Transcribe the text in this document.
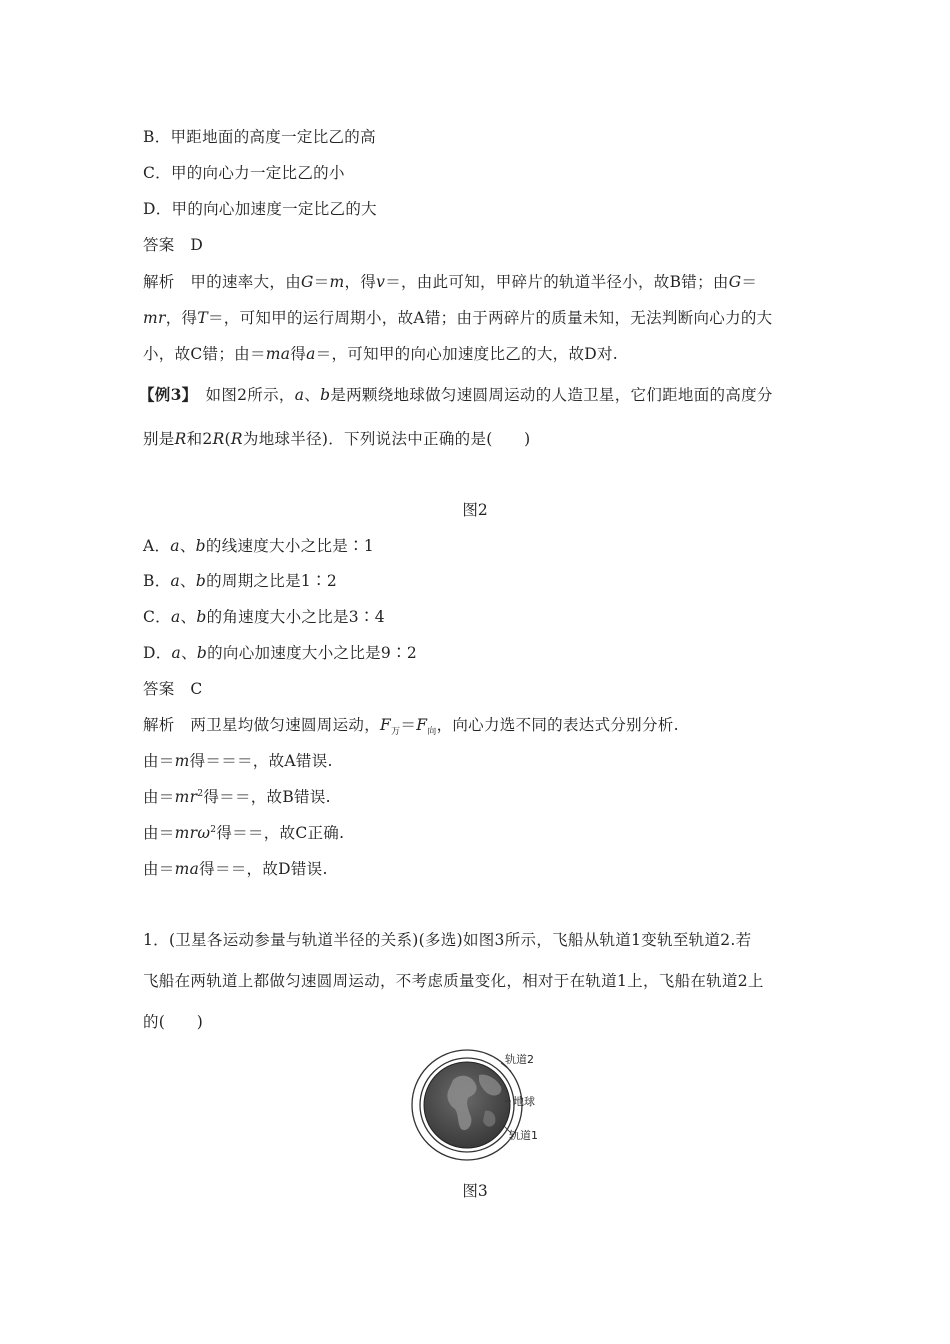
B．甲距地面的高度一定比乙的高
C．甲的向心力一定比乙的小
D．甲的向心加速度一定比乙的大
答案　D
解析　甲的速率大，由G＝m，得v＝，由此可知，甲碎片的轨道半径小，故B错；由G＝
mr，得T＝，可知甲的运行周期小，故A错；由于两碎片的质量未知，无法判断向心力的大
小，故C错；由＝ma得a＝，可知甲的向心加速度比乙的大，故D对.
【例3】　如图2所示，a、b是两颗绕地球做匀速圆周运动的人造卫星，它们距地面的高度分
别是R和2R(R为地球半径)．下列说法中正确的是(　　)
图2
A．a、b的线速度大小之比是∶1
B．a、b的周期之比是1∶2
C．a、b的角速度大小之比是3∶4
D．a、b的向心加速度大小之比是9∶2
答案　C
解析　两卫星均做匀速圆周运动，$F_万=F_向$，向心力选不同的表达式分别分析.
由＝m得＝＝＝，故A错误.
由$=mr^2$得＝＝，故B错误.
由＝mrω$^2$得＝＝，故C正确.
由＝ma得＝＝，故D错误.
1．(卫星各运动参量与轨道半径的关系)(多选)如图3所示，飞船从轨道1变轨至轨道2.若
飞船在两轨道上都做匀速圆周运动，不考虑质量变化，相对于在轨道1上，飞船在轨道2上
的(　　)
轨道2
地球
轨道1
图3
